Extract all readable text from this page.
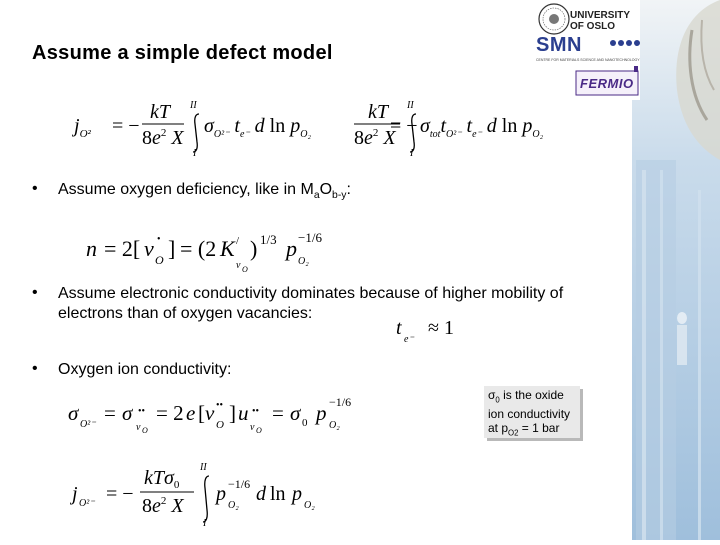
UNIVERSITY
OF OSLO
SMN
CENTRE FOR MATERIALS SCIENCE AND NANOTECHNOLOGY
FERMIO
Assume a simple defect model
$j_{O^2}$ = −
kT
$8e^2$ X
II
I
$\sigma_{O^{2-}}$ $t_{e^-}$ d $\ln p_{O_2}$	= −
kT
$8e^2$ X
II
I
$\sigma_{tot}t_{O^{2-}}$ $t_{e^-}$ d $\ln p_{O_2}$
• Assume oxygen deficiency, like in $M_aO_{b-y}$:
n = 2[ v O
• ] = (2 K /
v O
) 1/3 p −1/6
O₂
• Assume electronic conductivity dominates because of higher mobility of
electrons than of oxygen vacancies:
t
e⁻
≈ 1
• Oxygen ion conductivity:
$\sigma_0$ is the oxide
ion conductivity
at $p_{O2} = 1$ bar
σ O²⁻ = σ
v O
•• = 2 e [ v O
•• ] u
v O
•• = σ 0 p −1/6
O₂
j O²⁻ = −
kTσ$_0$
$8e^2$ X
II
I
p −1/6
O₂
d ln p
O₂
